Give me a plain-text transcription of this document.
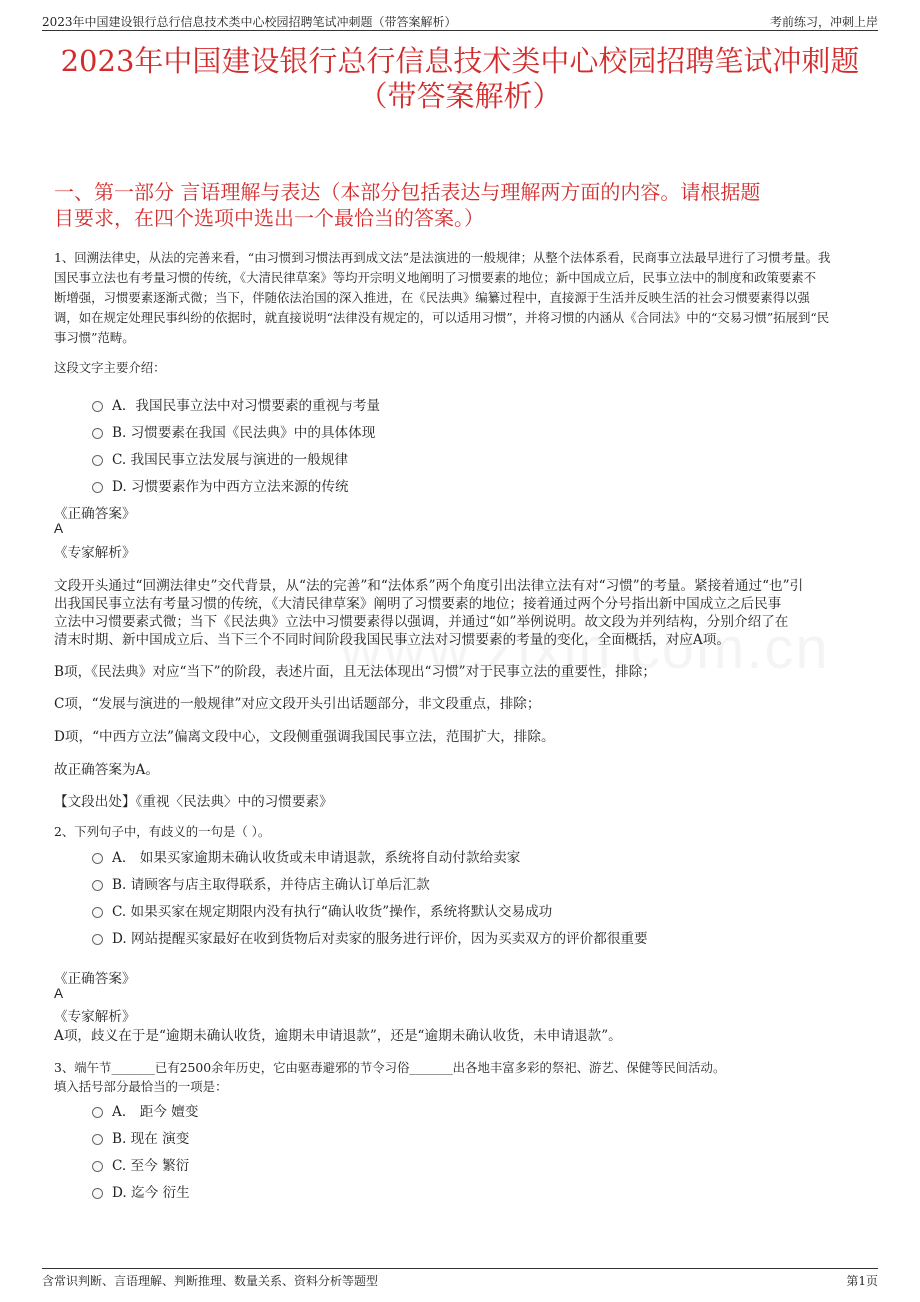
2023年中国建设银行总行信息技术类中心校园招聘笔试冲刺题（带答案解析）	考前练习，冲刺上岸
2023年中国建设银行总行信息技术类中心校园招聘笔试冲刺题
（带答案解析）
一、第一部分 言语理解与表达（本部分包括表达与理解两方面的内容。请根据题
目要求，在四个选项中选出一个最恰当的答案。）
1、回溯法律史，从法的完善来看，“由习惯到习惯法再到成文法”是法演进的一般规律；从整个法体系看，民商事立法最早进行了习惯考量。我
国民事立法也有考量习惯的传统，《大清民律草案》等均开宗明义地阐明了习惯要素的地位；新中国成立后，民事立法中的制度和政策要素不
断增强，习惯要素逐渐式微；当下，伴随依法治国的深入推进，在《民法典》编纂过程中，直接源于生活并反映生活的社会习惯要素得以强
调，如在规定处理民事纠纷的依据时，就直接说明“法律没有规定的，可以适用习惯”，并将习惯的内涵从《合同法》中的“交易习惯”拓展到“民
事习惯”范畴。
这段文字主要介绍：
A．我国民事立法中对习惯要素的重视与考量
B. 习惯要素在我国《民法典》中的具体体现
C. 我国民事立法发展与演进的一般规律
D. 习惯要素作为中西方立法来源的传统
《正确答案》
A
《专家解析》
文段开头通过“回溯法律史”交代背景，从“法的完善”和“法体系”两个角度引出法律立法有对“习惯”的考量。紧接着通过“也”引
出我国民事立法有考量习惯的传统，《大清民律草案》阐明了习惯要素的地位；接着通过两个分号指出新中国成立之后民事
立法中习惯要素式微；当下《民法典》立法中习惯要素得以强调，并通过“如”举例说明。故文段为并列结构，分别介绍了在
清末时期、新中国成立后、当下三个不同时间阶段我国民事立法对习惯要素的考量的变化，全面概括，对应A项。
B项，《民法典》对应“当下”的阶段，表述片面，且无法体现出“习惯”对于民事立法的重要性，排除；
C项，“发展与演进的一般规律”对应文段开头引出话题部分，非文段重点，排除；
D项，“中西方立法”偏离文段中心，文段侧重强调我国民事立法，范围扩大，排除。
故正确答案为A。
【文段出处】《重视〈民法典〉中的习惯要素》
2、下列句子中，有歧义的一句是（ ）。
A． 如果买家逾期未确认收货或未申请退款，系统将自动付款给卖家
B. 请顾客与店主取得联系，并待店主确认订单后汇款
C. 如果买家在规定期限内没有执行“确认收货”操作，系统将默认交易成功
D. 网站提醒买家最好在收到货物后对卖家的服务进行评价，因为买卖双方的评价都很重要
《正确答案》
A
《专家解析》
A项，歧义在于是“逾期未确认收货，逾期未申请退款”，还是“逾期未确认收货，未申请退款”。
3、端午节_______已有2500余年历史，它由驱毒避邪的节令习俗_______出各地丰富多彩的祭祀、游艺、保健等民间活动。
填入括号部分最恰当的一项是：
A． 距今 嬗变
B. 现在 演变
C. 至今 繁衍
D. 迄今 衍生
含常识判断、言语理解、判断推理、数量关系、资料分析等题型	第1页
